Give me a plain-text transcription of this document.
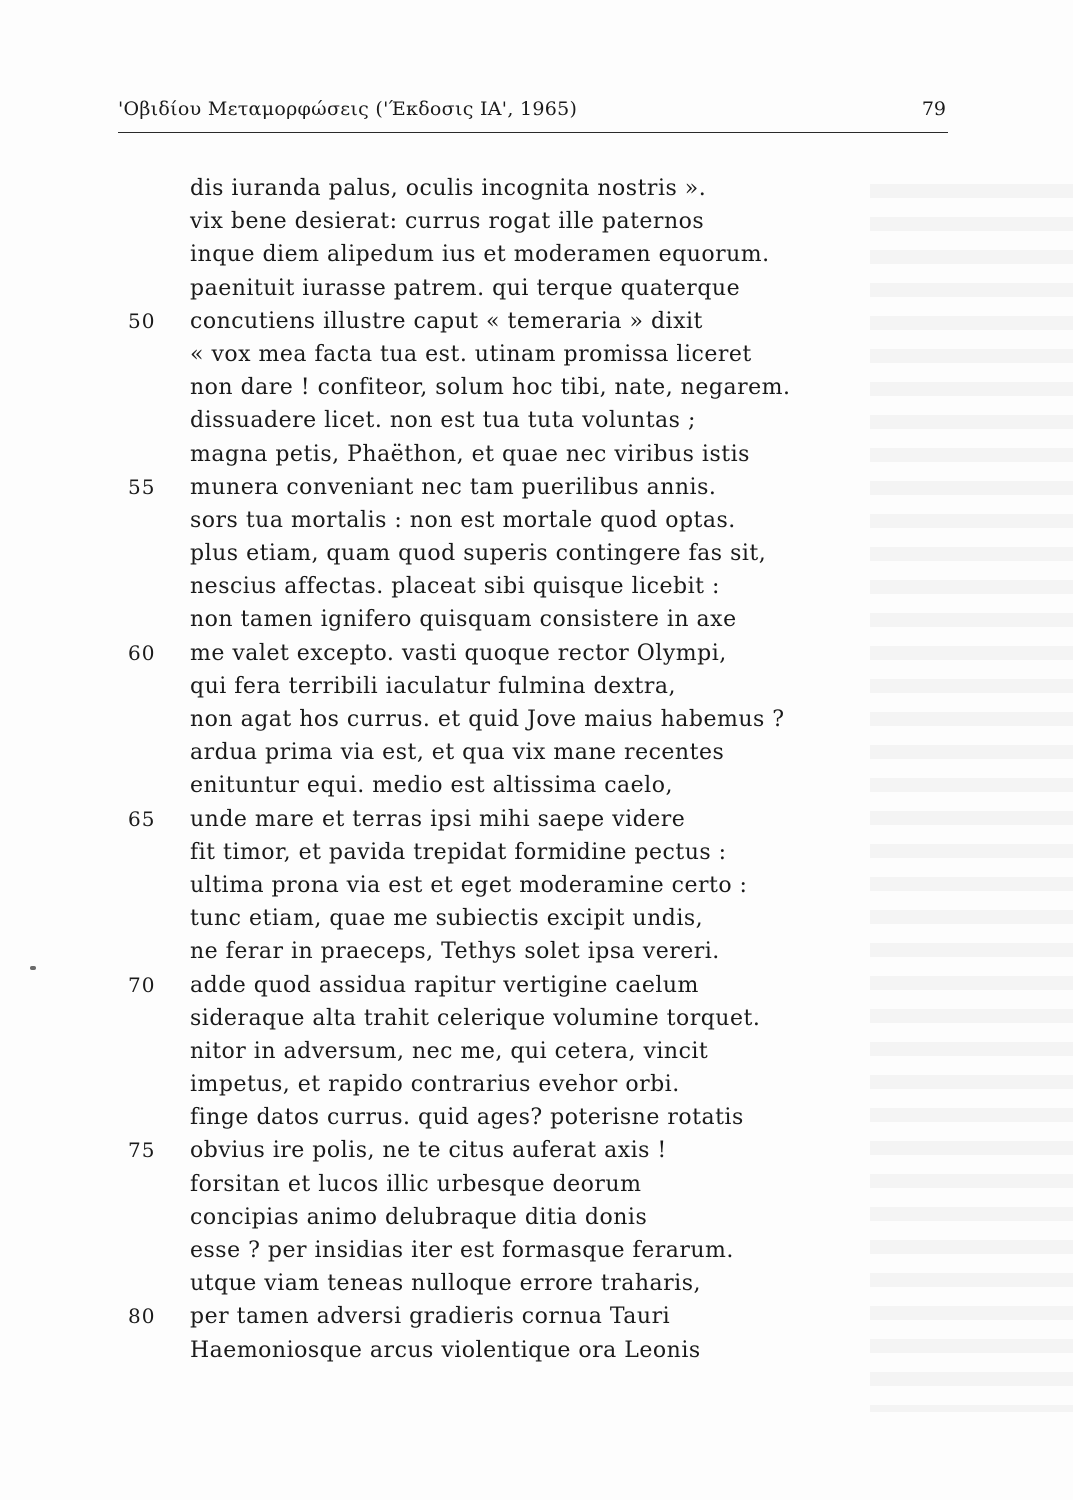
'Οβιδίου Μεταμορφώσεις ('Έκδοσις ΙΑ', 1965)	79
dis iuranda palus, oculis incognita nostris ».
vix bene desierat: currus rogat ille paternos
inque diem alipedum ius et moderamen equorum.
paenituit iurasse patrem. qui terque quaterque
50	concutiens illustre caput « temeraria » dixit
« vox mea facta tua est. utinam promissa liceret
non dare ! confiteor, solum hoc tibi, nate, negarem.
dissuadere licet. non est tua tuta voluntas ;
magna petis, Phaëthon, et quae nec viribus istis
55	munera conveniant nec tam puerilibus annis.
sors tua mortalis : non est mortale quod optas.
plus etiam, quam quod superis contingere fas sit,
nescius affectas. placeat sibi quisque licebit :
non tamen ignifero quisquam consistere in axe
60	me valet excepto. vasti quoque rector Olympi,
qui fera terribili iaculatur fulmina dextra,
non agat hos currus. et quid Jove maius habemus ?
ardua prima via est, et qua vix mane recentes
enituntur equi. medio est altissima caelo,
65	unde mare et terras ipsi mihi saepe videre
fit timor, et pavida trepidat formidine pectus :
ultima prona via est et eget moderamine certo :
tunc etiam, quae me subiectis excipit undis,
ne ferar in praeceps, Tethys solet ipsa vereri.
70	adde quod assidua rapitur vertigine caelum
sideraque alta trahit celerique volumine torquet.
nitor in adversum, nec me, qui cetera, vincit
impetus, et rapido contrarius evehor orbi.
finge datos currus. quid ages? poterisne rotatis
75	obvius ire polis, ne te citus auferat axis !
forsitan et lucos illic urbesque deorum
concipias animo delubraque ditia donis
esse ? per insidias iter est formasque ferarum.
utque viam teneas nulloque errore traharis,
80	per tamen adversi gradieris cornua Tauri
Haemoniosque arcus violentique ora Leonis
